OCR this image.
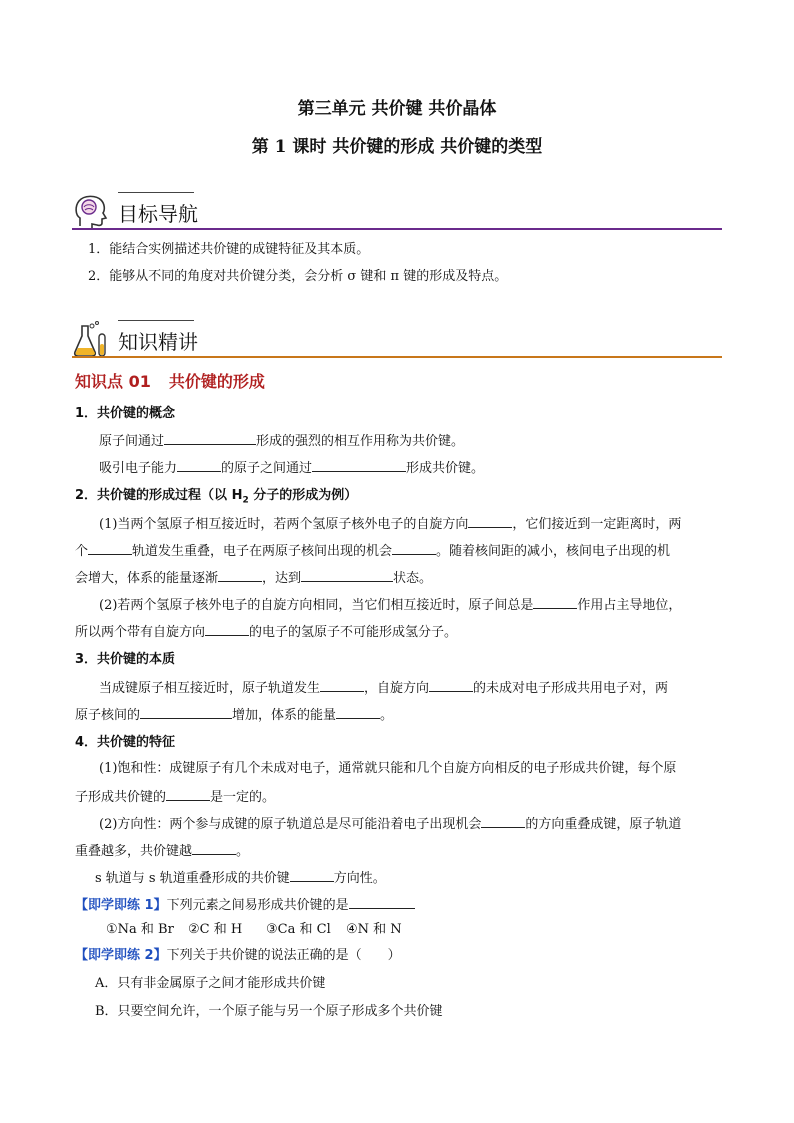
第三单元 共价键 共价晶体
第 1 课时 共价键的形成 共价键的类型
目标导航
1．能结合实例描述共价键的成键特征及其本质。
2．能够从不同的角度对共价键分类，会分析 σ 键和 π 键的形成及特点。
知识精讲
知识点 01 共价键的形成
1．共价键的概念
原子间通过	形成的强烈的相互作用称为共价键。
吸引电子能力	的原子之间通过	形成共价键。
2．共价键的形成过程（以 $H_2$ 分子的形成为例）
(1)当两个氢原子相互接近时，若两个氢原子核外电子的自旋方向	，它们接近到一定距离时，两
个	轨道发生重叠，电子在两原子核间出现的机会	。随着核间距的减小，核间电子出现的机
会增大，体系的能量逐渐	，达到	状态。
(2)若两个氢原子核外电子的自旋方向相同，当它们相互接近时，原子间总是	作用占主导地位，
所以两个带有自旋方向	的电子的氢原子不可能形成氢分子。
3．共价键的本质
当成键原子相互接近时，原子轨道发生	，自旋方向	的未成对电子形成共用电子对，两
原子核间的	增加，体系的能量	。
4．共价键的特征
(1)饱和性：成键原子有几个未成对电子，通常就只能和几个自旋方向相反的电子形成共价键，每个原
子形成共价键的	是一定的。
(2)方向性：两个参与成键的原子轨道总是尽可能沿着电子出现机会	的方向重叠成键，原子轨道
重叠越多，共价键越	。
s 轨道与 s 轨道重叠形成的共价键	方向性。
【即学即练 1】下列元素之间易形成共价键的是
①Na 和 Br ②C 和 H ③Ca 和 Cl ④N 和 N
【即学即练 2】下列关于共价键的说法正确的是（　　）
A．只有非金属原子之间才能形成共价键
B．只要空间允许，一个原子能与另一个原子形成多个共价键
